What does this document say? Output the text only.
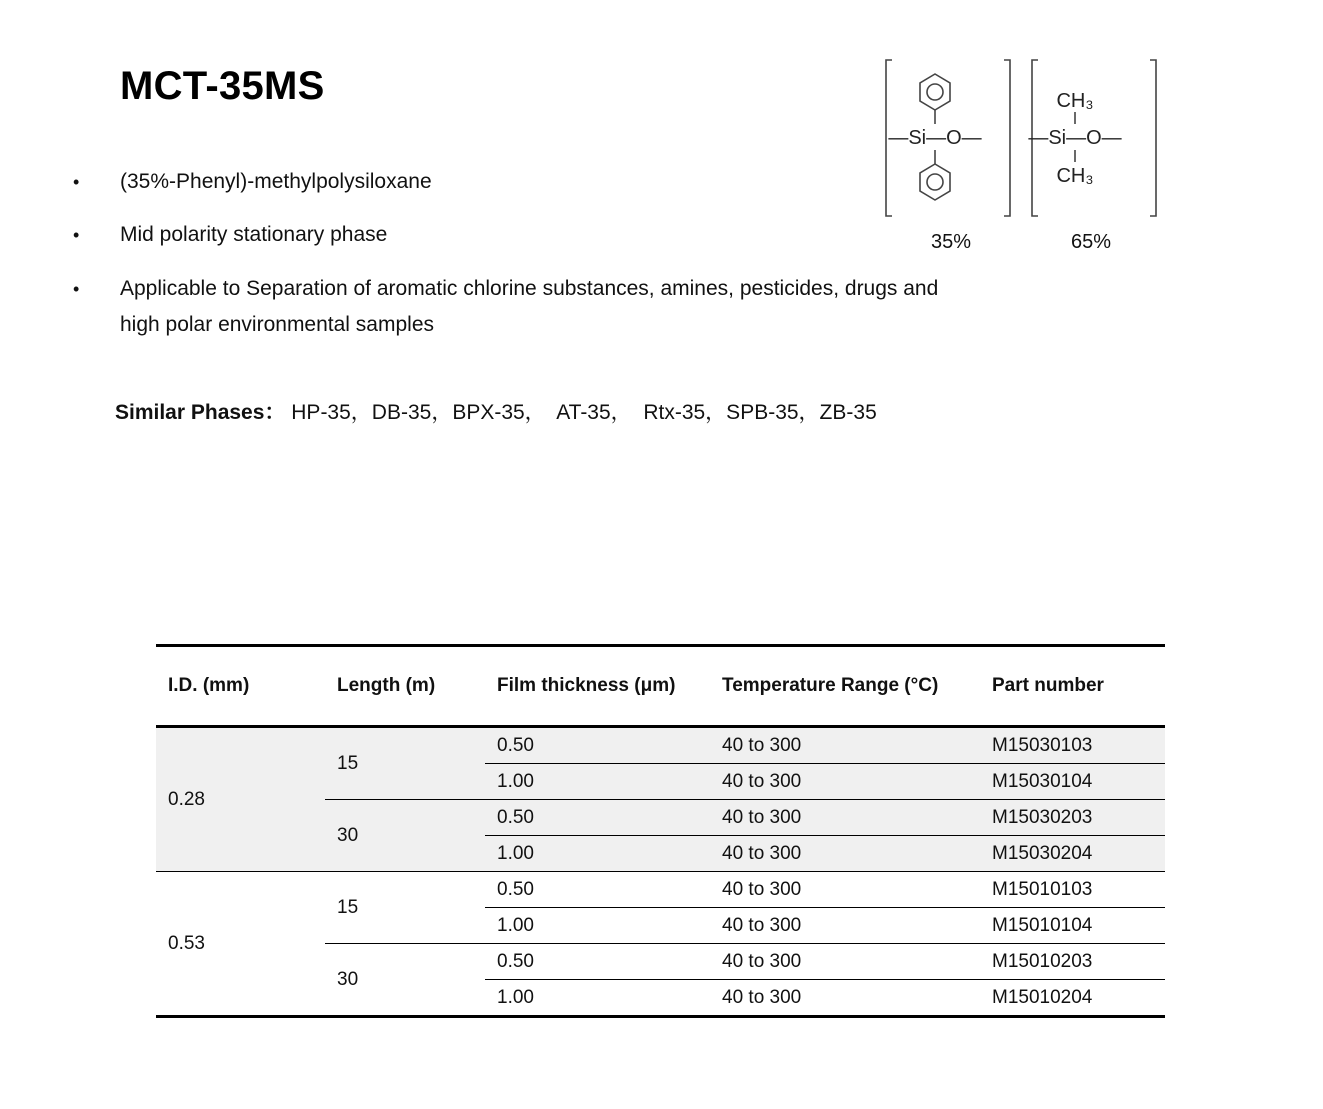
MCT-35MS
• (35%-Phenyl)-methylpolysiloxane
• Mid polarity stationary phase
• Applicable to Separation of aromatic chlorine substances, amines, pesticides, drugs and
high polar environmental samples
Similar Phases： HP-35，DB-35，BPX-35，  AT-35，  Rtx-35，SPB-35，ZB-35
—Si—O—
CH₃
—Si—O—
CH₃
35%	65%
I.D. (mm)	Length (m)	Film thickness (μm)	Temperature Range (°C)	Part number
0.28	15	0.50	40 to 300	M15030103
		1.00	40 to 300	M15030104
	30	0.50	40 to 300	M15030203
		1.00	40 to 300	M15030204
0.53	15	0.50	40 to 300	M15010103
		1.00	40 to 300	M15010104
	30	0.50	40 to 300	M15010203
		1.00	40 to 300	M15010204
